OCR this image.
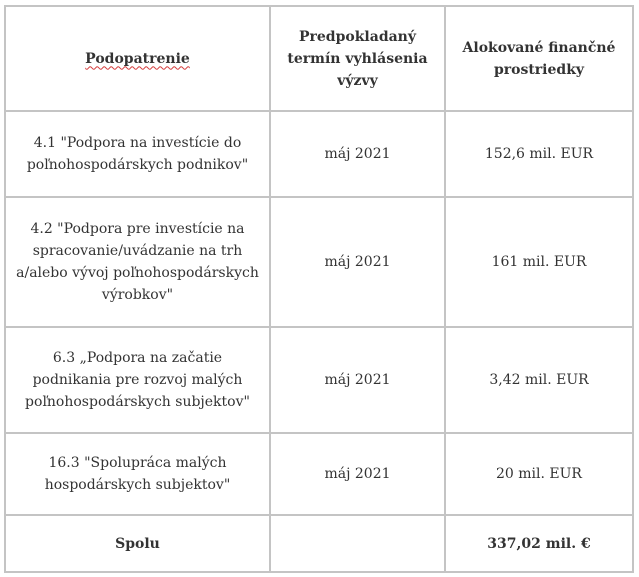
Podopatrenie	Predpokladaný termín vyhlásenia výzvy	Alokované finančné prostriedky
4.1 "Podpora na investície do poľnohospodárskych podnikov"	máj 2021	152,6 mil. EUR
4.2 "Podpora pre investície na spracovanie/uvádzanie na trh a/alebo vývoj poľnohospodárskych výrobkov"	máj 2021	161 mil. EUR
6.3 „Podpora na začatie podnikania pre rozvoj malých poľnohospodárskych subjektov"	máj 2021	3,42 mil. EUR
16.3 "Spolupráca malých hospodárskych subjektov"	máj 2021	20 mil. EUR
Spolu		337,02 mil. €
